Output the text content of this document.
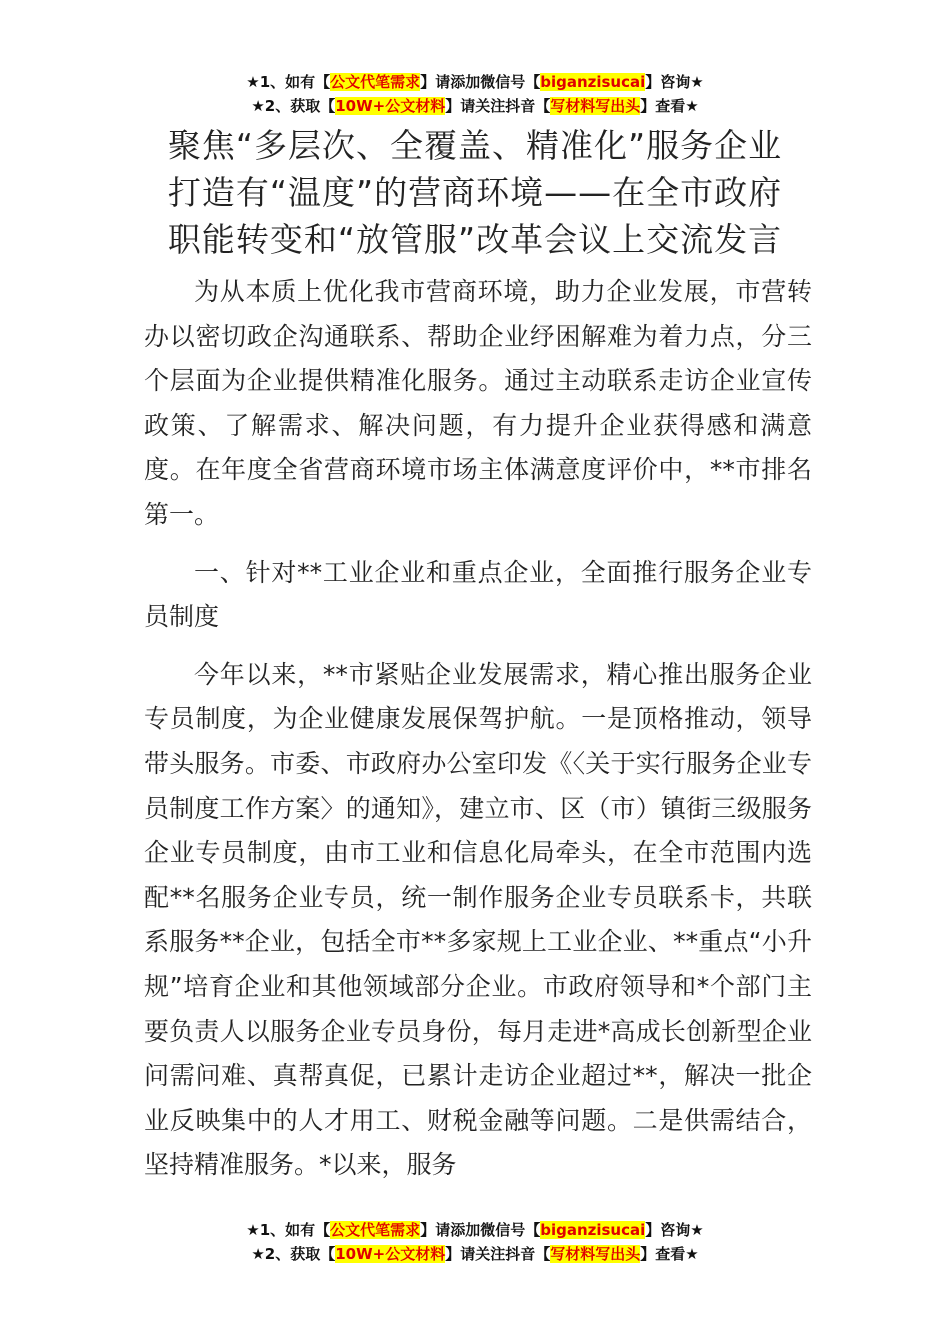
★1、如有【公文代笔需求】请添加微信号【biganzisucai】咨询★
★2、获取【10W+公文材料】请关注抖音【写材料写出头】查看★
聚焦“多层次、全覆盖、精准化”服务企业
打造有“温度”的营商环境——在全市政府
职能转变和“放管服”改革会议上交流发言

为从本质上优化我市营商环境，助力企业发展，市营转办以密切政企沟通联系、帮助企业纾困解难为着力点，分三个层面为企业提供精准化服务。通过主动联系走访企业宣传政策、了解需求、解决问题，有力提升企业获得感和满意度。在年度全省营商环境市场主体满意度评价中，**市排名第一。

一、针对**工业企业和重点企业，全面推行服务企业专员制度

今年以来，**市紧贴企业发展需求，精心推出服务企业专员制度，为企业健康发展保驾护航。一是顶格推动，领导带头服务。市委、市政府办公室印发《〈关于实行服务企业专员制度工作方案〉的通知》，建立市、区（市）镇街三级服务企业专员制度，由市工业和信息化局牵头，在全市范围内选配**名服务企业专员，统一制作服务企业专员联系卡，共联系服务**企业，包括全市**多家规上工业企业、**重点“小升规”培育企业和其他领域部分企业。市政府领导和*个部门主要负责人以服务企业专员身份，每月走进*高成长创新型企业问需问难、真帮真促，已累计走访企业超过**，解决一批企业反映集中的人才用工、财税金融等问题。二是供需结合，坚持精准服务。*以来，服务

★1、如有【公文代笔需求】请添加微信号【biganzisucai】咨询★
★2、获取【10W+公文材料】请关注抖音【写材料写出头】查看★
